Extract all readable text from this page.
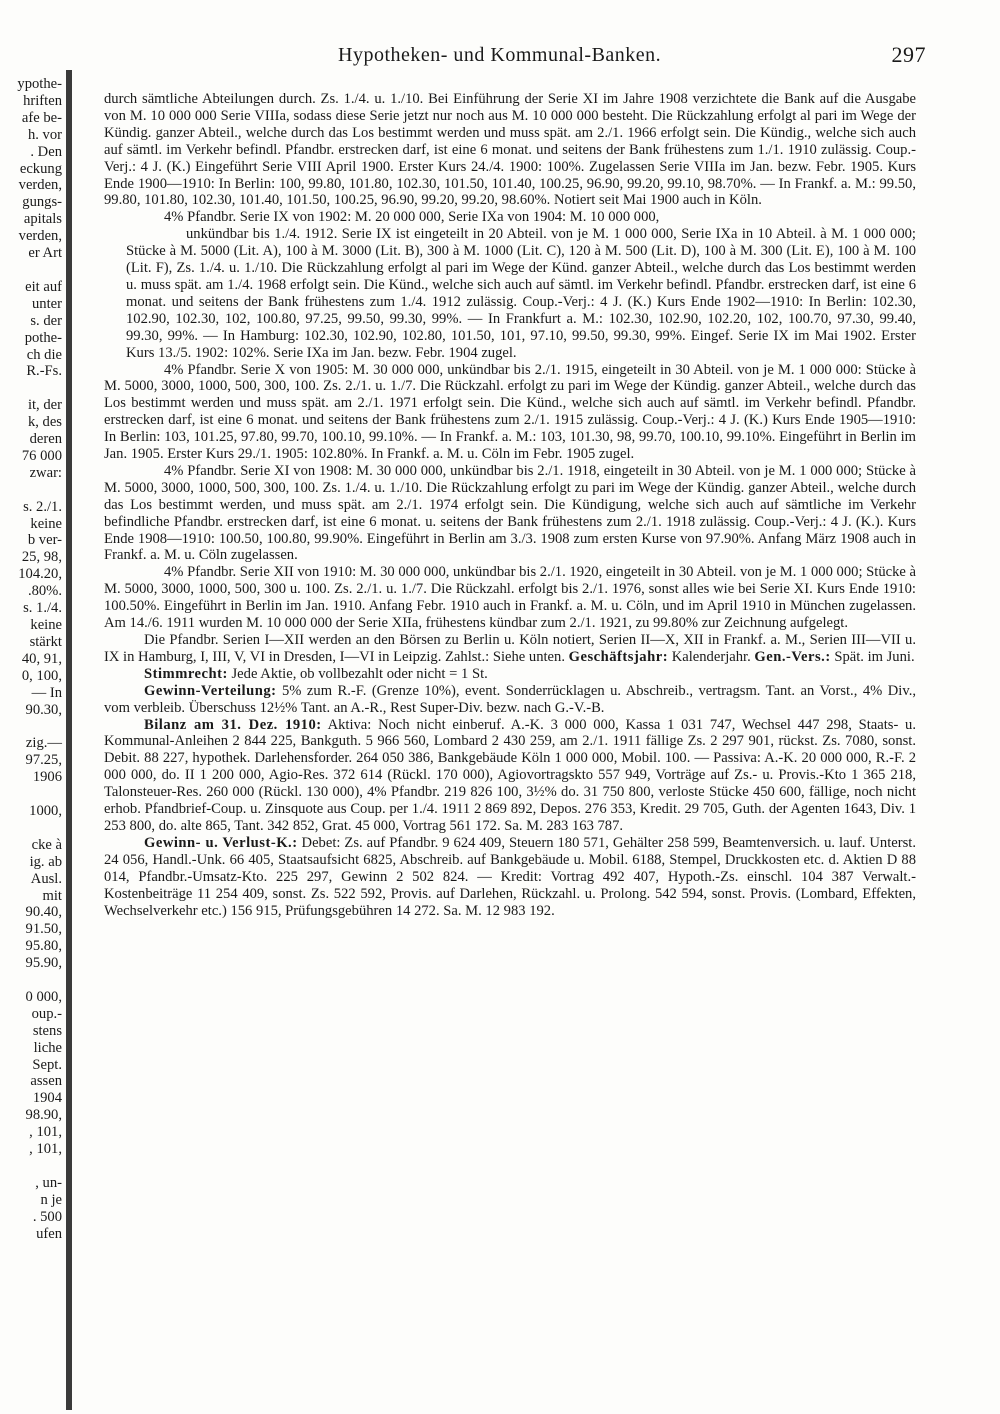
Hypotheken- und Kommunal-Banken.	297
ypothe-
hriften
afe be-
h. vor
. Den
eckung
verden,
gungs-
apitals
verden,
er Art

eit auf
unter
s. der
pothe-
ch die
R.-Fs.

it, der
k, des
deren
76 000
zwar:

s. 2./1.
keine
b ver-
25, 98,
104.20,
.80%.
s. 1./4.
keine
stärkt
40, 91,
0, 100,
— In
90.30,

zig.—
97.25,
1906

1000,

cke à
ig. ab
Ausl.
mit
90.40,
91.50,
95.80,
95.90,

0 000,
oup.-
stens
liche
Sept.
assen
1904
98.90,
, 101,
, 101,

, un-
n je
. 500
ufen

durch sämtliche Abteilungen durch. Zs. 1./4. u. 1./10. Bei Einführung der Serie XI im Jahre 1908 verzichtete die Bank auf die Ausgabe von M. 10 000 000 Serie VIIIa, sodass diese Serie jetzt nur noch aus M. 10 000 000 besteht. Die Rückzahlung erfolgt al pari im Wege der Kündig. ganzer Abteil., welche durch das Los bestimmt werden und muss spät. am 2./1. 1966 erfolgt sein. Die Kündig., welche sich auch auf sämtl. im Verkehr befindl. Pfandbr. erstrecken darf, ist eine 6 monat. und seitens der Bank frühestens zum 1./1. 1910 zulässig. Coup.-Verj.: 4 J. (K.) Eingeführt Serie VIII April 1900. Erster Kurs 24./4. 1900: 100%. Zugelassen Serie VIIIa im Jan. bezw. Febr. 1905. Kurs Ende 1900—1910: In Berlin: 100, 99.80, 101.80, 102.30, 101.50, 101.40, 100.25, 96.90, 99.20, 99.10, 98.70%. — In Frankf. a. M.: 99.50, 99.80, 101.80, 102.30, 101.40, 101.50, 100.25, 96.90, 99.20, 99.20, 98.60%. Notiert seit Mai 1900 auch in Köln.

4% Pfandbr. Serie IX von 1902: M. 20 000 000, Serie IXa von 1904: M. 10 000 000,
unkündbar bis 1./4. 1912. Serie IX ist eingeteilt in 20 Abteil. von je M. 1 000 000, Serie IXa in 10 Abteil. à M. 1 000 000; Stücke à M. 5000 (Lit. A), 100 à M. 3000 (Lit. B), 300 à M. 1000 (Lit. C), 120 à M. 500 (Lit. D), 100 à M. 300 (Lit. E), 100 à M. 100 (Lit. F), Zs. 1./4. u. 1./10. Die Rückzahlung erfolgt al pari im Wege der Künd. ganzer Abteil., welche durch das Los bestimmt werden u. muss spät. am 1./4. 1968 erfolgt sein. Die Künd., welche sich auch auf sämtl. im Verkehr befindl. Pfandbr. erstrecken darf, ist eine 6 monat. und seitens der Bank frühestens zum 1./4. 1912 zulässig. Coup.-Verj.: 4 J. (K.) Kurs Ende 1902—1910: In Berlin: 102.30, 102.90, 102.30, 102, 100.80, 97.25, 99.50, 99.30, 99%. — In Frankfurt a. M.: 102.30, 102.90, 102.20, 102, 100.70, 97.30, 99.40, 99.30, 99%. — In Hamburg: 102.30, 102.90, 102.80, 101.50, 101, 97.10, 99.50, 99.30, 99%. Eingef. Serie IX im Mai 1902. Erster Kurs 13./5. 1902: 102%. Serie IXa im Jan. bezw. Febr. 1904 zugel.

4% Pfandbr. Serie X von 1905: M. 30 000 000, unkündbar bis 2./1. 1915, eingeteilt in 30 Abteil. von je M. 1 000 000: Stücke à M. 5000, 3000, 1000, 500, 300, 100. Zs. 2./1. u. 1./7. Die Rückzahl. erfolgt zu pari im Wege der Kündig. ganzer Abteil., welche durch das Los bestimmt werden und muss spät. am 2./1. 1971 erfolgt sein. Die Künd., welche sich auch auf sämtl. im Verkehr befindl. Pfandbr. erstrecken darf, ist eine 6 monat. und seitens der Bank frühestens zum 2./1. 1915 zulässig. Coup.-Verj.: 4 J. (K.) Kurs Ende 1905—1910: In Berlin: 103, 101.25, 97.80, 99.70, 100.10, 99.10%. — In Frankf. a. M.: 103, 101.30, 98, 99.70, 100.10, 99.10%. Eingeführt in Berlin im Jan. 1905. Erster Kurs 29./1. 1905: 102.80%. In Frankf. a. M. u. Cöln im Febr. 1905 zugel.

4% Pfandbr. Serie XI von 1908: M. 30 000 000, unkündbar bis 2./1. 1918, eingeteilt in 30 Abteil. von je M. 1 000 000; Stücke à M. 5000, 3000, 1000, 500, 300, 100. Zs. 1./4. u. 1./10. Die Rückzahlung erfolgt zu pari im Wege der Kündig. ganzer Abteil., welche durch das Los bestimmt werden, und muss spät. am 2./1. 1974 erfolgt sein. Die Kündigung, welche sich auch auf sämtliche im Verkehr befindliche Pfandbr. erstrecken darf, ist eine 6 monat. u. seitens der Bank frühestens zum 2./1. 1918 zulässig. Coup.-Verj.: 4 J. (K.). Kurs Ende 1908—1910: 100.50, 100.80, 99.90%. Eingeführt in Berlin am 3./3. 1908 zum ersten Kurse von 97.90%. Anfang März 1908 auch in Frankf. a. M. u. Cöln zugelassen.

4% Pfandbr. Serie XII von 1910: M. 30 000 000, unkündbar bis 2./1. 1920, eingeteilt in 30 Abteil. von je M. 1 000 000; Stücke à M. 5000, 3000, 1000, 500, 300 u. 100. Zs. 2./1. u. 1./7. Die Rückzahl. erfolgt bis 2./1. 1976, sonst alles wie bei Serie XI. Kurs Ende 1910: 100.50%. Eingeführt in Berlin im Jan. 1910. Anfang Febr. 1910 auch in Frankf. a. M. u. Cöln, und im April 1910 in München zugelassen. Am 14./6. 1911 wurden M. 10 000 000 der Serie XIIa, frühestens kündbar zum 2./1. 1921, zu 99.80% zur Zeichnung aufgelegt.

Die Pfandbr. Serien I—XII werden an den Börsen zu Berlin u. Köln notiert, Serien II—X, XII in Frankf. a. M., Serien III—VII u. IX in Hamburg, I, III, V, VI in Dresden, I—VI in Leipzig. Zahlst.: Siehe unten. Geschäftsjahr: Kalenderjahr. Gen.-Vers.: Spät. im Juni.

Stimmrecht: Jede Aktie, ob vollbezahlt oder nicht = 1 St.

Gewinn-Verteilung: 5% zum R.-F. (Grenze 10%), event. Sonderrücklagen u. Abschreib., vertragsm. Tant. an Vorst., 4% Div., vom verbleib. Überschuss 12½% Tant. an A.-R., Rest Super-Div. bezw. nach G.-V.-B.

Bilanz am 31. Dez. 1910: Aktiva: Noch nicht einberuf. A.-K. 3 000 000, Kassa 1 031 747, Wechsel 447 298, Staats- u. Kommunal-Anleihen 2 844 225, Bankguth. 5 966 560, Lombard 2 430 259, am 2./1. 1911 fällige Zs. 2 297 901, rückst. Zs. 7080, sonst. Debit. 88 227, hypothek. Darlehensforder. 264 050 386, Bankgebäude Köln 1 000 000, Mobil. 100. — Passiva: A.-K. 20 000 000, R.-F. 2 000 000, do. II 1 200 000, Agio-Res. 372 614 (Rückl. 170 000), Agiovortragskto 557 949, Vorträge auf Zs.- u. Provis.-Kto 1 365 218, Talonsteuer-Res. 260 000 (Rückl. 130 000), 4% Pfandbr. 219 826 100, 3½% do. 31 750 800, verloste Stücke 450 600, fällige, noch nicht erhob. Pfandbrief-Coup. u. Zinsquote aus Coup. per 1./4. 1911 2 869 892, Depos. 276 353, Kredit. 29 705, Guth. der Agenten 1643, Div. 1 253 800, do. alte 865, Tant. 342 852, Grat. 45 000, Vortrag 561 172. Sa. M. 283 163 787.

Gewinn- u. Verlust-K.: Debet: Zs. auf Pfandbr. 9 624 409, Steuern 180 571, Gehälter 258 599, Beamtenversich. u. lauf. Unterst. 24 056, Handl.-Unk. 66 405, Staatsaufsicht 6825, Abschreib. auf Bankgebäude u. Mobil. 6188, Stempel, Druckkosten etc. d. Aktien D 88 014, Pfandbr.-Umsatz-Kto. 225 297, Gewinn 2 502 824. — Kredit: Vortrag 492 407, Hypoth.-Zs. einschl. 104 387 Verwalt.-Kostenbeiträge 11 254 409, sonst. Zs. 522 592, Provis. auf Darlehen, Rückzahl. u. Prolong. 542 594, sonst. Provis. (Lombard, Effekten, Wechselverkehr etc.) 156 915, Prüfungsgebühren 14 272. Sa. M. 12 983 192.
